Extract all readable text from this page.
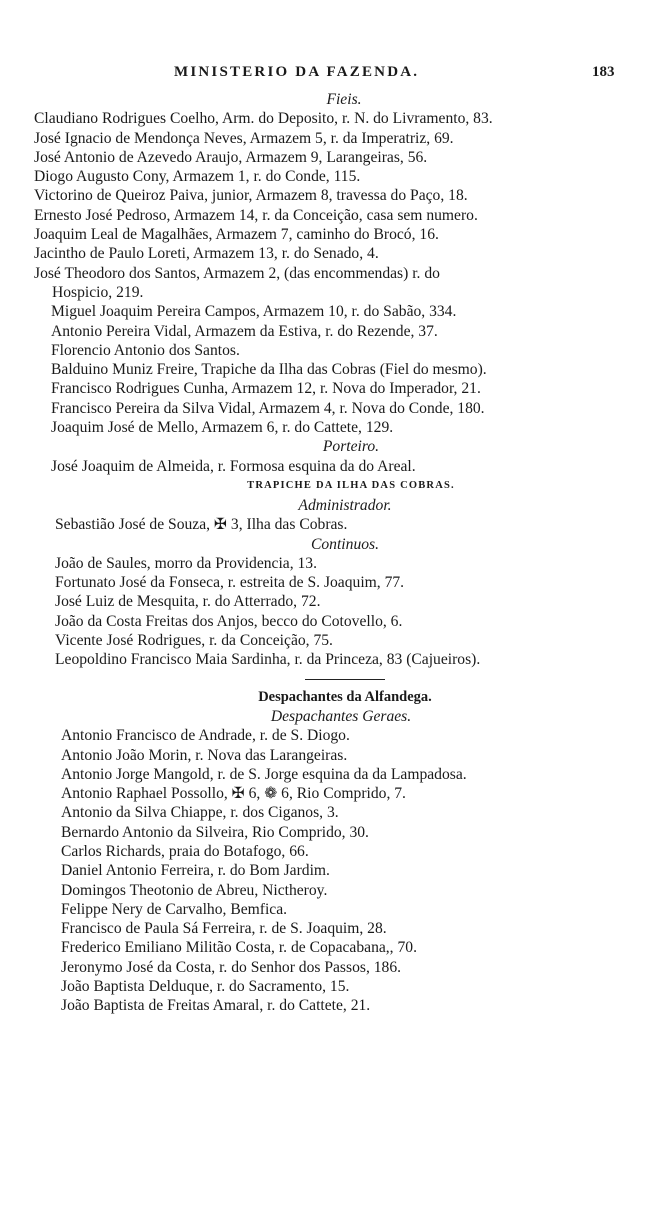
MINISTERIO DA FAZENDA.	183
Fieis.
Claudiano Rodrigues Coelho, Arm. do Deposito, r. N. do Livramento, 83.
José Ignacio de Mendonça Neves, Armazem 5, r. da Imperatriz, 69.
José Antonio de Azevedo Araujo, Armazem 9, Larangeiras, 56.
Diogo Augusto Cony, Armazem 1, r. do Conde, 115.
Victorino de Queiroz Paiva, junior, Armazem 8, travessa do Paço, 18.
Ernesto José Pedroso, Armazem 14, r. da Conceição, casa sem numero.
Joaquim Leal de Magalhães, Armazem 7, caminho do Brocó, 16.
Jacintho de Paulo Loreti, Armazem 13, r. do Senado, 4.
José Theodoro dos Santos, Armazem 2, (das encommendas) r. do
Hospicio, 219.
Miguel Joaquim Pereira Campos, Armazem 10, r. do Sabão, 334.
Antonio Pereira Vidal, Armazem da Estiva, r. do Rezende, 37.
Florencio Antonio dos Santos.
Balduino Muniz Freire, Trapiche da Ilha das Cobras (Fiel do mesmo).
Francisco Rodrigues Cunha, Armazem 12, r. Nova do Imperador, 21.
Francisco Pereira da Silva Vidal, Armazem 4, r. Nova do Conde, 180.
Joaquim José de Mello, Armazem 6, r. do Cattete, 129.
Porteiro.
José Joaquim de Almeida, r. Formosa esquina da do Areal.
TRAPICHE DA ILHA DAS COBRAS.
Administrador.
Sebastião José de Souza, ✠ 3, Ilha das Cobras.
Continuos.
João de Saules, morro da Providencia, 13.
Fortunato José da Fonseca, r. estreita de S. Joaquim, 77.
José Luiz de Mesquita, r. do Atterrado, 72.
João da Costa Freitas dos Anjos, becco do Cotovello, 6.
Vicente José Rodrigues, r. da Conceição, 75.
Leopoldino Francisco Maia Sardinha, r. da Princeza, 83 (Cajueiros).
Despachantes da Alfandega.
Despachantes Geraes.
Antonio Francisco de Andrade, r. de S. Diogo.
Antonio João Morin, r. Nova das Larangeiras.
Antonio Jorge Mangold, r. de S. Jorge esquina da da Lampadosa.
Antonio Raphael Possollo, ✠ 6, ❁ 6, Rio Comprido, 7.
Antonio da Silva Chiappe, r. dos Ciganos, 3.
Bernardo Antonio da Silveira, Rio Comprido, 30.
Carlos Richards, praia do Botafogo, 66.
Daniel Antonio Ferreira, r. do Bom Jardim.
Domingos Theotonio de Abreu, Nictheroy.
Felippe Nery de Carvalho, Bemfica.
Francisco de Paula Sá Ferreira, r. de S. Joaquim, 28.
Frederico Emiliano Militão Costa, r. de Copacabana,, 70.
Jeronymo José da Costa, r. do Senhor dos Passos, 186.
João Baptista Delduque, r. do Sacramento, 15.
João Baptista de Freitas Amaral, r. do Cattete, 21.
